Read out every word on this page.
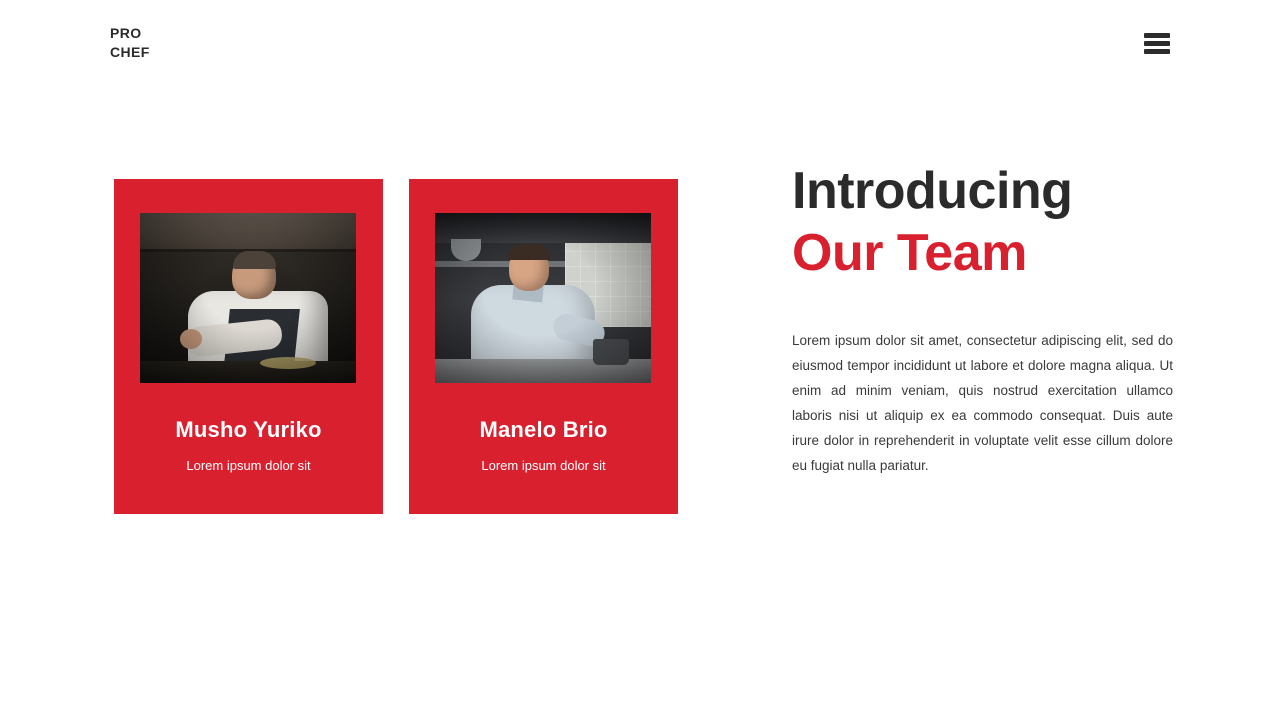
PRO
CHEF
Musho Yuriko
Lorem ipsum dolor sit
Manelo Brio
Lorem ipsum dolor sit
Introducing
Our Team

Lorem ipsum dolor sit amet, consectetur adipiscing elit, sed do eiusmod tempor incididunt ut labore et dolore magna aliqua. Ut enim ad minim veniam, quis nostrud exercitation ullamco laboris nisi ut aliquip ex ea commodo consequat. Duis aute irure dolor in reprehenderit in voluptate velit esse cillum dolore eu fugiat nulla pariatur.
